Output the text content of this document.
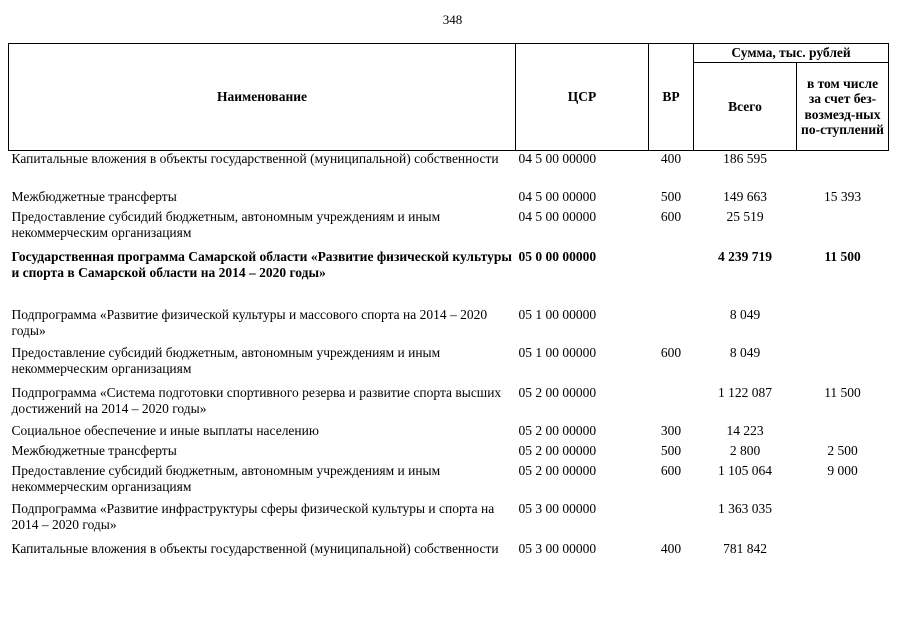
348
Наименование	ЦСР	ВР	Сумма, тыс. рублей	
			Всего	в том числе за счет без-возмезд-ных по-ступлений
Капитальные вложения в объекты государственной (муниципальной) собственности	04 5 00 00000	400	186 595	
Межбюджетные трансферты	04 5 00 00000	500	149 663	15 393
Предоставление субсидий бюджетным, автономным учреждениям и иным некоммерческим организациям	04 5 00 00000	600	25 519	
Государственная программа Самарской области «Развитие физической культуры и спорта в Самарской области на 2014 – 2020 годы»	05 0 00 00000		4 239 719	11 500
Подпрограмма «Развитие физической культуры и массового спорта на 2014 – 2020 годы»	05 1 00 00000		8 049	
Предоставление субсидий бюджетным, автономным учреждениям и иным некоммерческим организациям	05 1 00 00000	600	8 049	
Подпрограмма «Система подготовки спортивного резерва и развитие спорта высших достижений на 2014 – 2020 годы»	05 2 00 00000		1 122 087	11 500
Социальное обеспечение и иные выплаты населению	05 2 00 00000	300	14 223	
Межбюджетные трансферты	05 2 00 00000	500	2 800	2 500
Предоставление субсидий бюджетным, автономным учреждениям и иным некоммерческим организациям	05 2 00 00000	600	1 105 064	9 000
Подпрограмма «Развитие инфраструктуры сферы физической культуры и спорта на 2014 – 2020 годы»	05 3 00 00000		1 363 035	
Капитальные вложения в объекты государственной (муниципальной) собственности	05 3 00 00000	400	781 842	
